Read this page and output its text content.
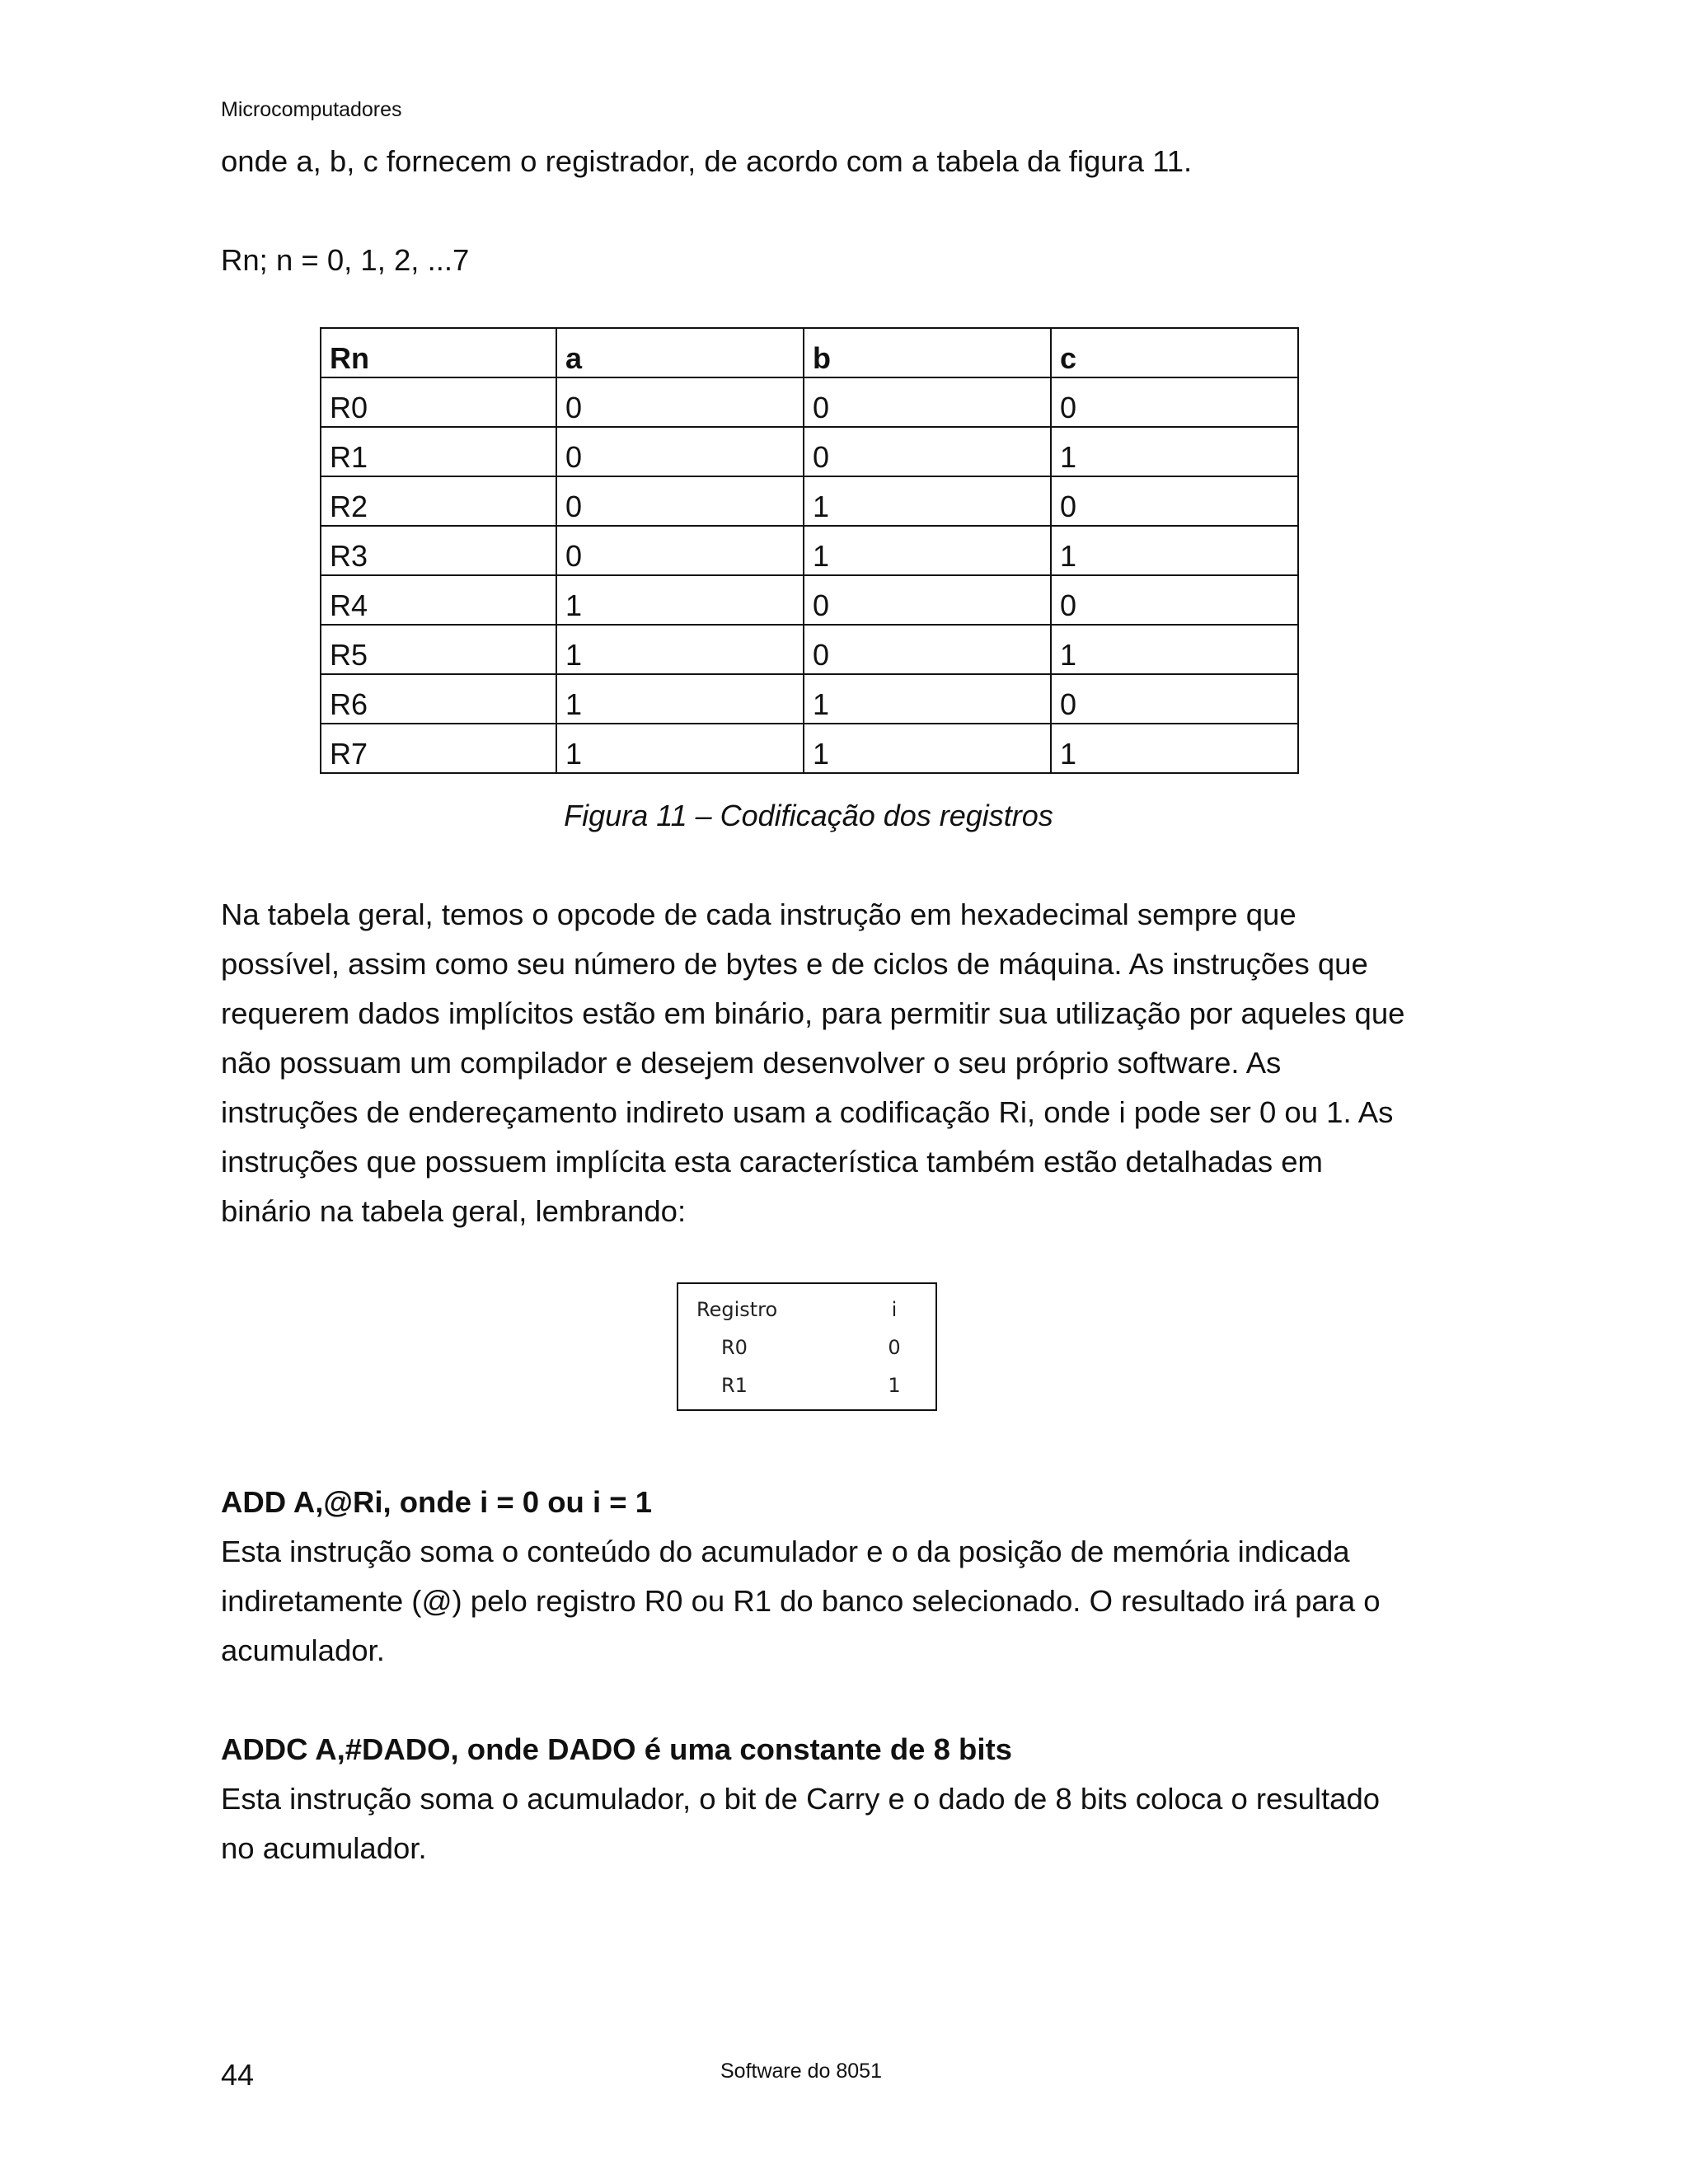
Microcomputadores

onde a, b, c fornecem o registrador, de acordo com a tabela da figura 11.

Rn; n = 0, 1, 2, ...7

Rn	a	b	c
R0	0	0	0
R1	0	0	1
R2	0	1	0
R3	0	1	1
R4	1	0	0
R5	1	0	1
R6	1	1	0
R7	1	1	1
Figura 11 – Codificação dos registros

Na tabela geral, temos o opcode de cada instrução em hexadecimal sempre que possível, assim como seu número de bytes e de ciclos de máquina. As instruções que requerem dados implícitos estão em binário, para permitir sua utilização por aqueles que não possuam um compilador e desejem desenvolver o seu próprio software. As instruções de endereçamento indireto usam a codificação Ri, onde i pode ser 0 ou 1. As instruções que possuem implícita esta característica também estão detalhadas em binário na tabela geral, lembrando:

Registro	i
R0	0
R1	1

ADD A,@Ri, onde i = 0 ou i = 1

Esta instrução soma o conteúdo do acumulador e o da posição de memória indicada indiretamente (@) pelo registro R0 ou R1 do banco selecionado. O resultado irá para o acumulador.

ADDC A,#DADO, onde DADO é uma constante de 8 bits

Esta instrução soma o acumulador, o bit de Carry e o dado de 8 bits coloca o resultado no acumulador.

44	Software do 8051
